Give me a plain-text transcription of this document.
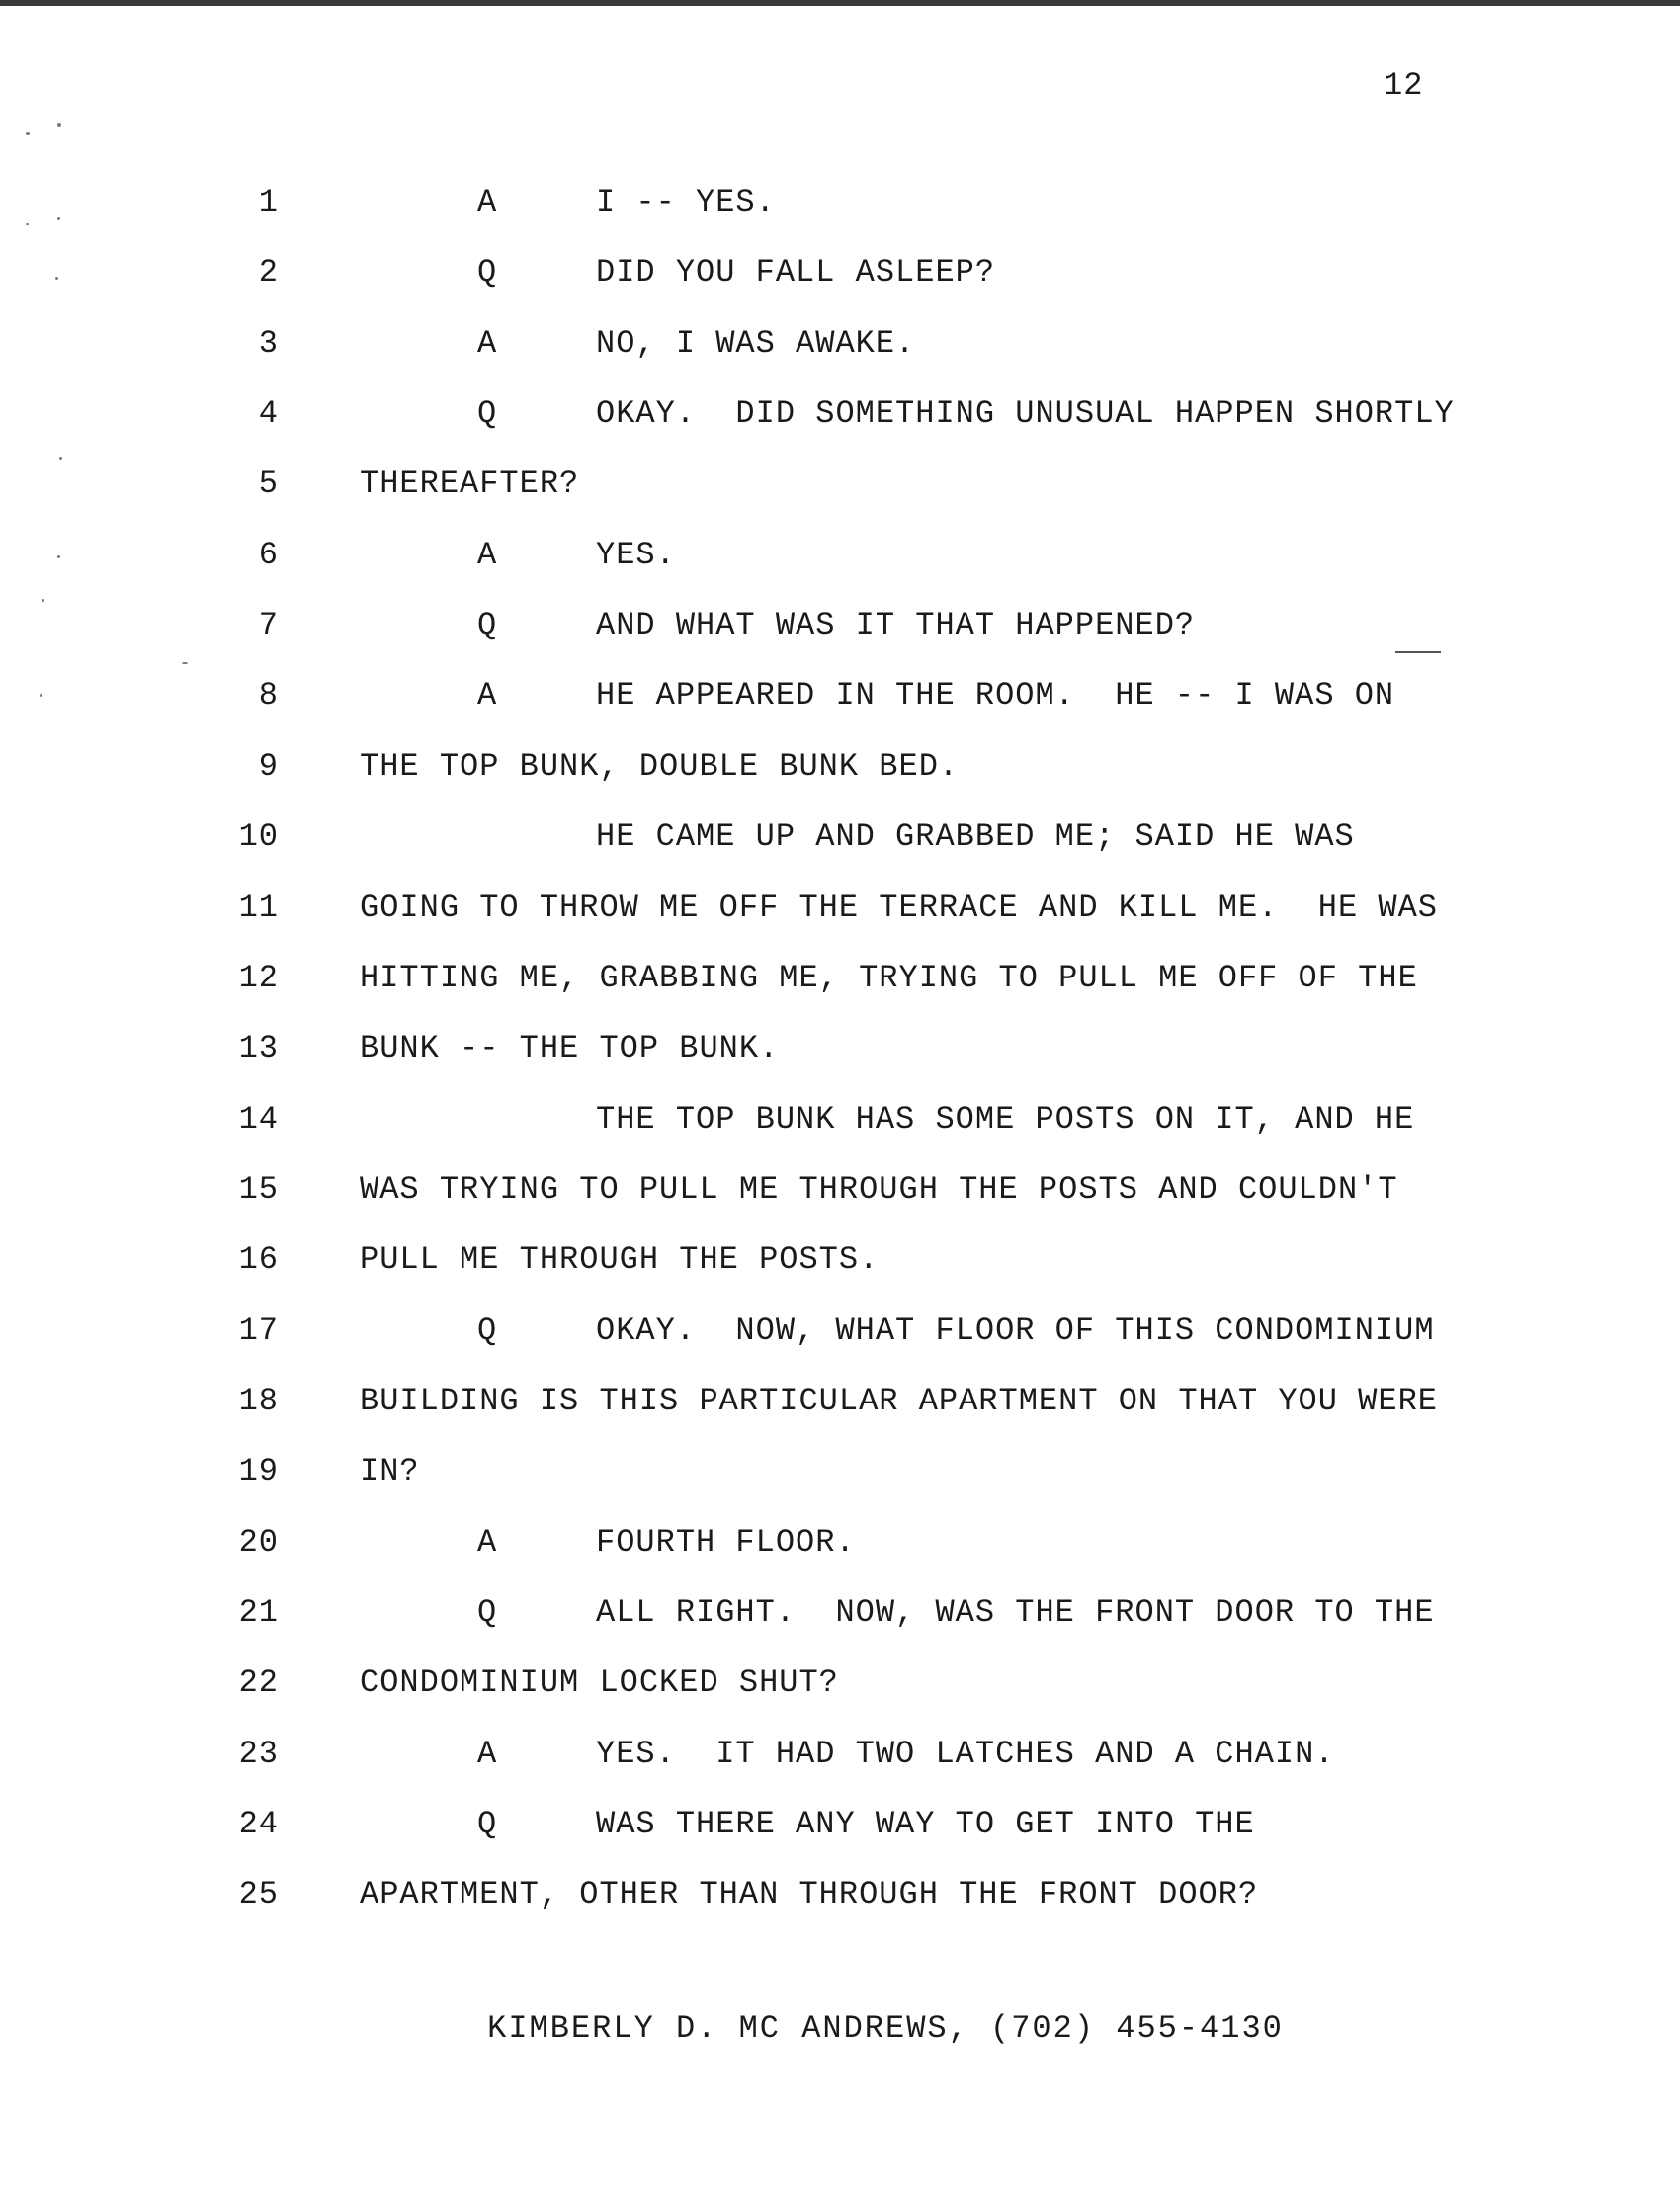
12
1	A	I -- YES.
2	Q	DID YOU FALL ASLEEP?
3	A	NO, I WAS AWAKE.
4	Q	OKAY.  DID SOMETHING UNUSUAL HAPPEN SHORTLY
5	THEREAFTER?
6	A	YES.
7	Q	AND WHAT WAS IT THAT HAPPENED?
8	A	HE APPEARED IN THE ROOM.  HE -- I WAS ON
9	THE TOP BUNK, DOUBLE BUNK BED.
10	HE CAME UP AND GRABBED ME; SAID HE WAS
11	GOING TO THROW ME OFF THE TERRACE AND KILL ME.  HE WAS
12	HITTING ME, GRABBING ME, TRYING TO PULL ME OFF OF THE
13	BUNK -- THE TOP BUNK.
14	THE TOP BUNK HAS SOME POSTS ON IT, AND HE
15	WAS TRYING TO PULL ME THROUGH THE POSTS AND COULDN'T
16	PULL ME THROUGH THE POSTS.
17	Q	OKAY.  NOW, WHAT FLOOR OF THIS CONDOMINIUM
18	BUILDING IS THIS PARTICULAR APARTMENT ON THAT YOU WERE
19	IN?
20	A	FOURTH FLOOR.
21	Q	ALL RIGHT.  NOW, WAS THE FRONT DOOR TO THE
22	CONDOMINIUM LOCKED SHUT?
23	A	YES.  IT HAD TWO LATCHES AND A CHAIN.
24	Q	WAS THERE ANY WAY TO GET INTO THE
25	APARTMENT, OTHER THAN THROUGH THE FRONT DOOR?
KIMBERLY D. MC ANDREWS, (702) 455-4130
